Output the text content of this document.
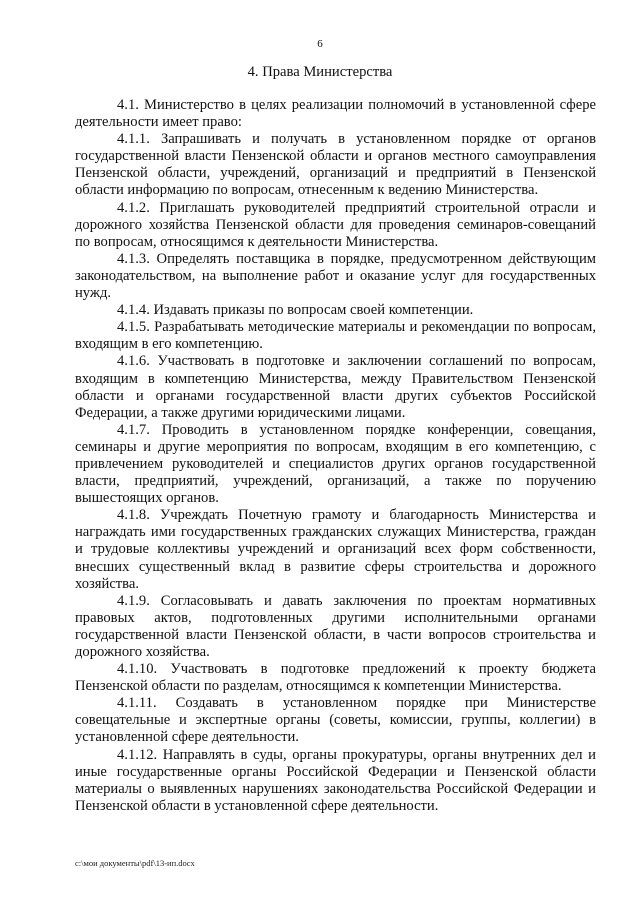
6
4. Права Министерства

4.1. Министерство в целях реализации полномочий в установленной сфере деятельности имеет право:

4.1.1. Запрашивать и получать в установленном порядке от органов государственной власти Пензенской области и органов местного самоуправления Пензенской области, учреждений, организаций и предприятий в Пензенской области информацию по вопросам, отнесенным к ведению Министерства.

4.1.2. Приглашать руководителей предприятий строительной отрасли и дорожного хозяйства Пензенской области для проведения семинаров-совещаний по вопросам, относящимся к деятельности Министерства.

4.1.3. Определять поставщика в порядке, предусмотренном действующим законодательством, на выполнение работ и оказание услуг для государственных нужд.

4.1.4. Издавать приказы по вопросам своей компетенции.

4.1.5. Разрабатывать методические материалы и рекомендации по вопросам, входящим в его компетенцию.

4.1.6. Участвовать в подготовке и заключении соглашений по вопросам, входящим в компетенцию Министерства, между Правительством Пензенской области и органами государственной власти других субъектов Российской Федерации, а также другими юридическими лицами.

4.1.7. Проводить в установленном порядке конференции, совещания, семинары и другие мероприятия по вопросам, входящим в его компетенцию, с привлечением руководителей и специалистов других органов государственной власти, предприятий, учреждений, организаций, а также по поручению вышестоящих органов.

4.1.8. Учреждать Почетную грамоту и благодарность Министерства и награждать ими государственных гражданских служащих Министерства, граждан и трудовые коллективы учреждений и организаций всех форм собственности, внесших существенный вклад в развитие сферы строительства и дорожного хозяйства.

4.1.9. Согласовывать и давать заключения по проектам нормативных правовых актов, подготовленных другими исполнительными органами государственной власти Пензенской области, в части вопросов строительства и дорожного хозяйства.

4.1.10. Участвовать в подготовке предложений к проекту бюджета Пензенской области по разделам, относящимся к компетенции Министерства.

4.1.11. Создавать в установленном порядке при Министерстве совещательные и экспертные органы (советы, комиссии, группы, коллегии) в установленной сфере деятельности.

4.1.12. Направлять в суды, органы прокуратуры, органы внутренних дел и иные государственные органы Российской Федерации и Пензенской области материалы о выявленных нарушениях законодательства Российской Федерации и Пензенской области в установленной сфере деятельности.

c:\мои документы\pdf\13-ип.docx
